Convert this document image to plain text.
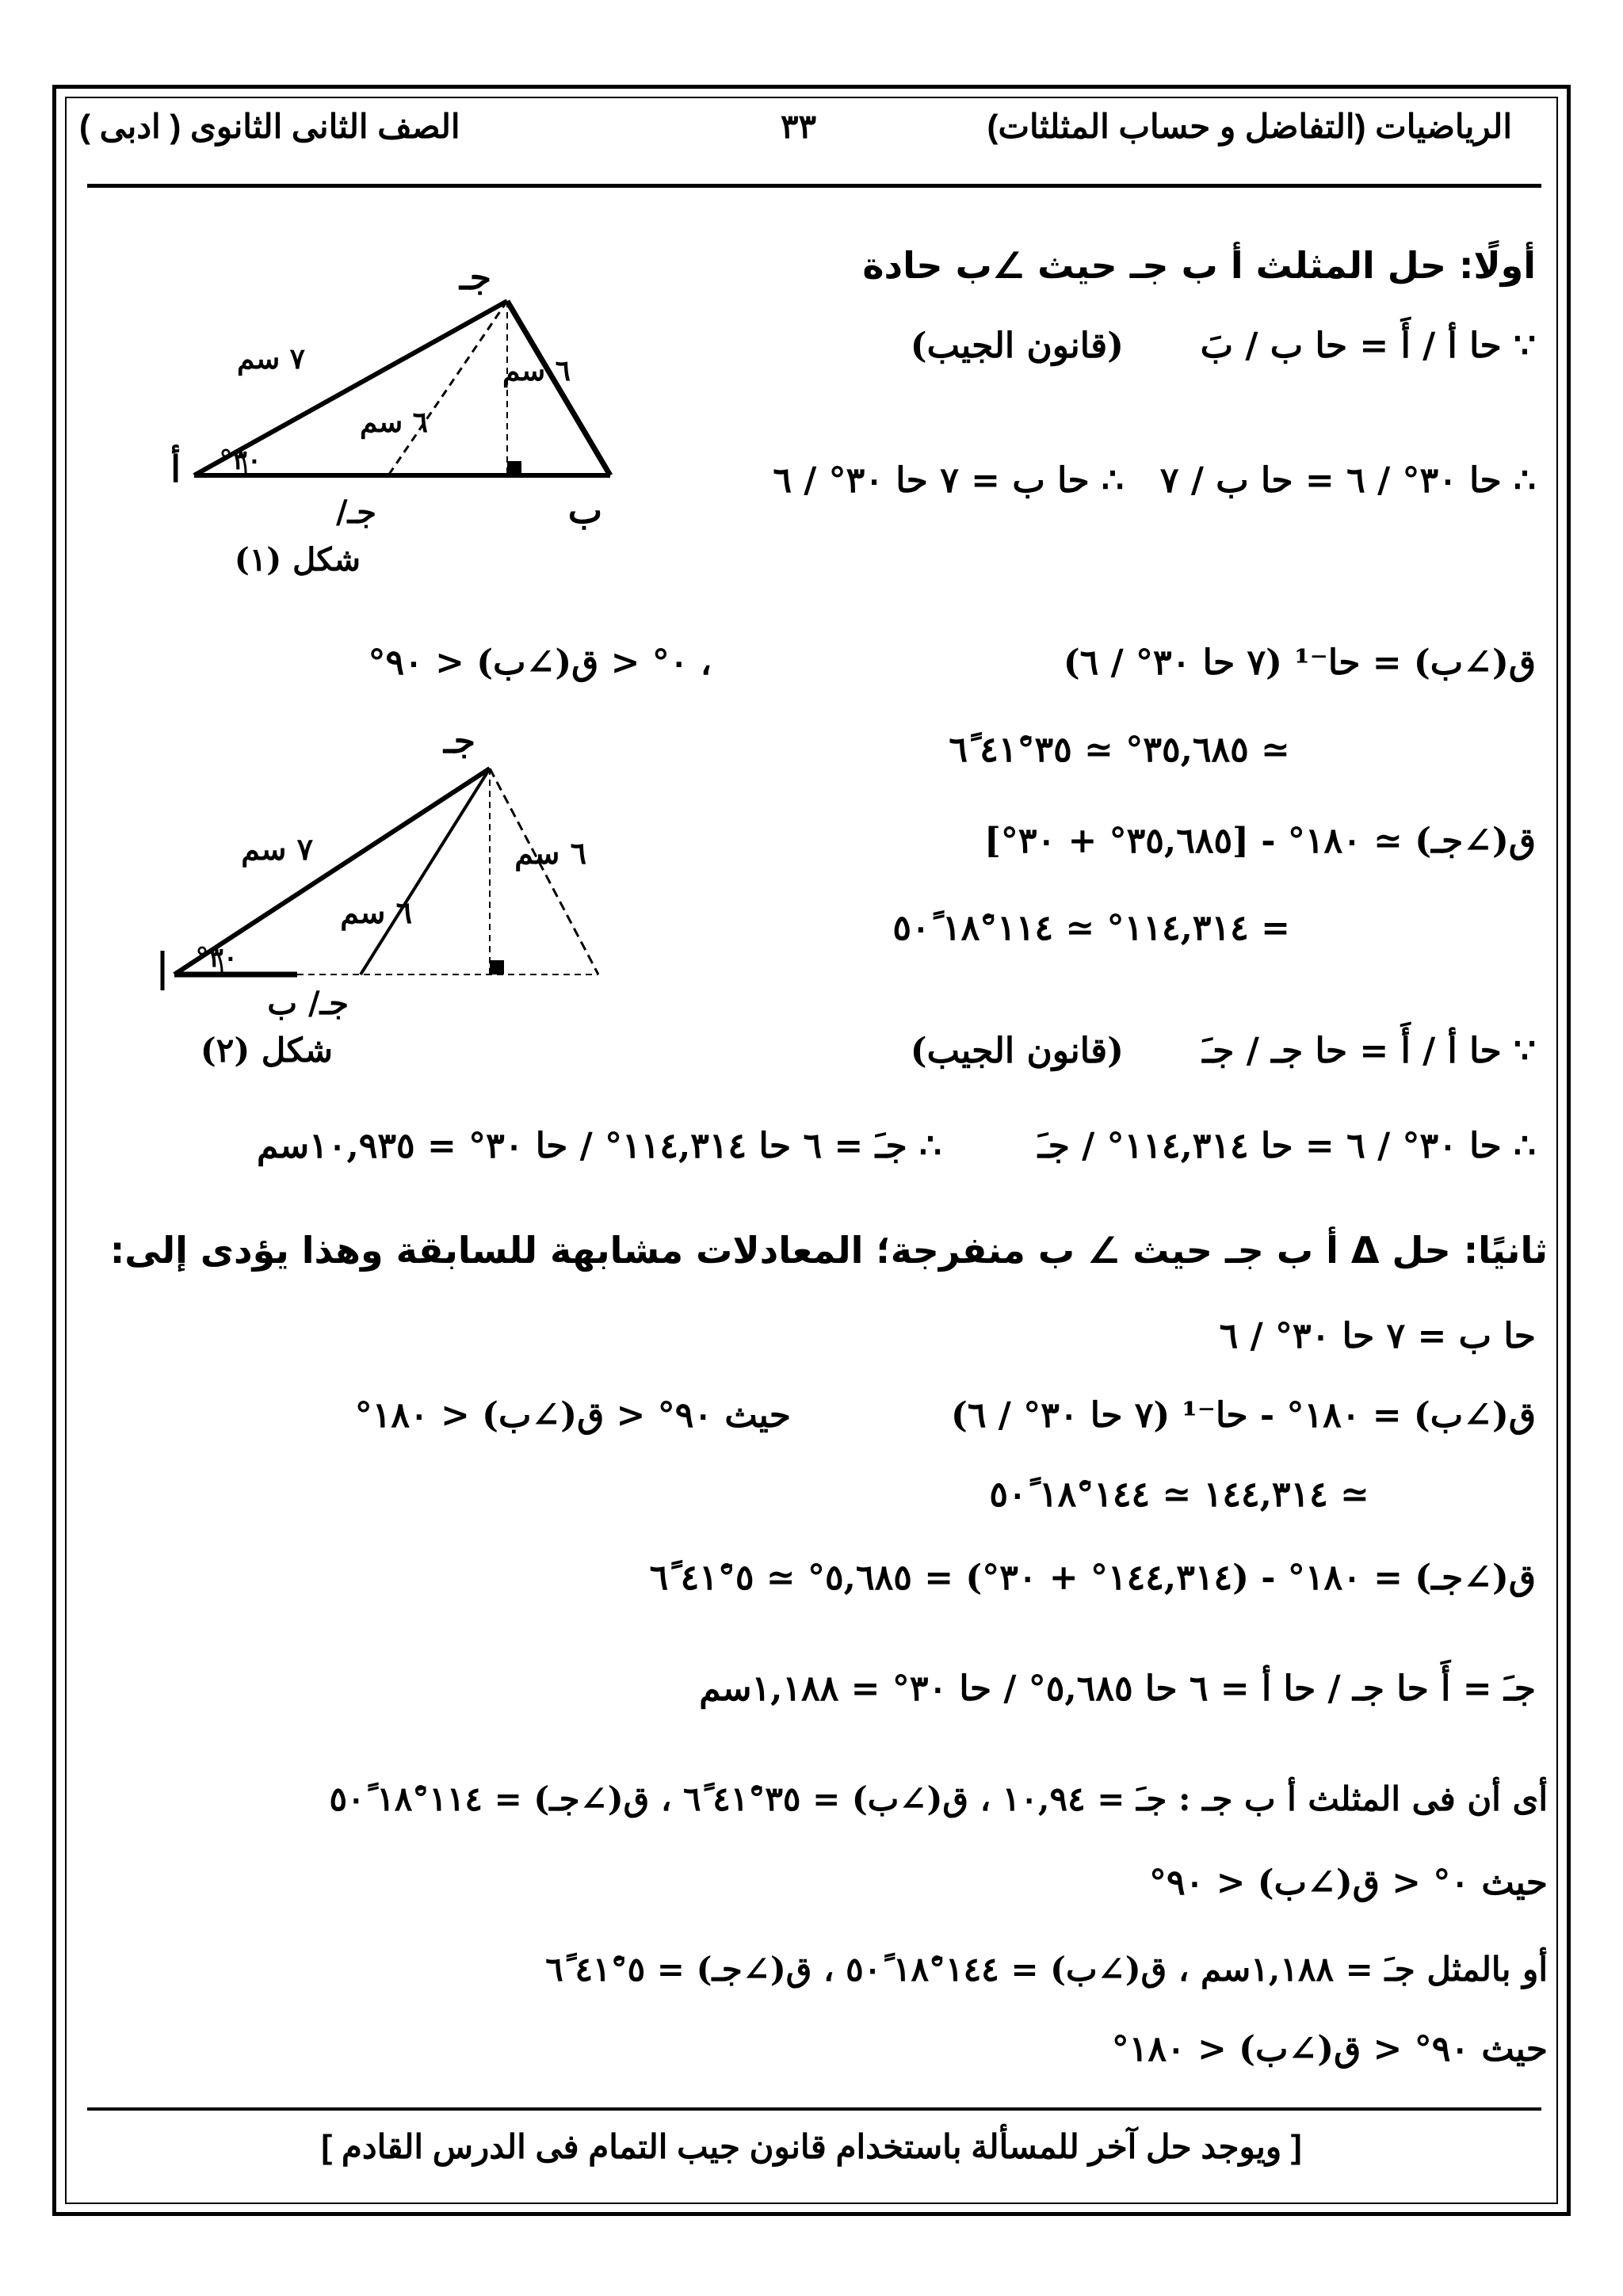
الرياضيات (التفاضل و حساب المثلثات)
٣٣
الصف الثانى الثانوى ( ادبى )
أولًا: حل المثلث أ ب جـ حيث ∠ب حادة
∵ حا أ / أَ = حا ب / بَ
(قانون الجيب)
∴ حا ٣٠° / ٦ = حا ب / ٧
∴ حا ب = ٧ حا ٣٠° / ٦
ق(∠ب) = حا⁻¹ (٧ حا ٣٠° / ٦)
، ٠° < ق(∠ب) < ٩٠°
≃ ٣٥,٦٨٥° ≃ ٣٥°٤١َ ٦ً
ق(∠جـ) ≃ ١٨٠° - [٣٥,٦٨٥° + ٣٠°]
= ١١٤,٣١٤° ≃ ١١٤°١٨َ ٥٠ً
∵ حا أ / أَ = حا جـ / جـَ
(قانون الجيب)
∴ حا ٣٠° / ٦ = حا ١١٤,٣١٤° / جـَ
∴ جـَ = ٦ حا ١١٤,٣١٤° / حا ٣٠° = ١٠,٩٣٥سم
ثانيًا: حل Δ أ ب جـ حيث ∠ ب منفرجة؛ المعادلات مشابهة للسابقة وهذا يؤدى إلى:
حا ب = ٧ حا ٣٠° / ٦
ق(∠ب) = ١٨٠° - حا⁻¹ (٧ حا ٣٠° / ٦)
حيث ٩٠° < ق(∠ب) < ١٨٠°
≃ ١٤٤,٣١٤ ≃ ١٤٤°١٨َ ٥٠ً
ق(∠جـ) = ١٨٠° - (١٤٤,٣١٤° + ٣٠°) = ٥,٦٨٥° ≃ ٥°٤١َ ٦ً
جـَ = أَ حا جـ / حا أ = ٦ حا ٥,٦٨٥° / حا ٣٠° = ١,١٨٨سم
أى أن فى المثلث أ ب جـ : جـَ = ١٠,٩٤ ، ق(∠ب) = ٣٥°٤١َ ٦ً ، ق(∠جـ) = ١١٤°١٨َ ٥٠ً
حيث ٠° < ق(∠ب) < ٩٠°
أو بالمثل جـَ = ١,١٨٨سم ، ق(∠ب) = ١٤٤°١٨َ ٥٠ً ، ق(∠جـ) = ٥°٤١َ ٦ً
حيث ٩٠° < ق(∠ب) < ١٨٠°
[ ويوجد حل آخر للمسألة باستخدام قانون جيب التمام فى الدرس القادم ]
أ
ب
جـ
جـ/
٧ سم	٦ سم
٦ سم
٣٠°
شكل (١)
٧ سم	٦ سم
٦ سم
جـ
جـ/ ب
٣٠°
شكل (٢)
